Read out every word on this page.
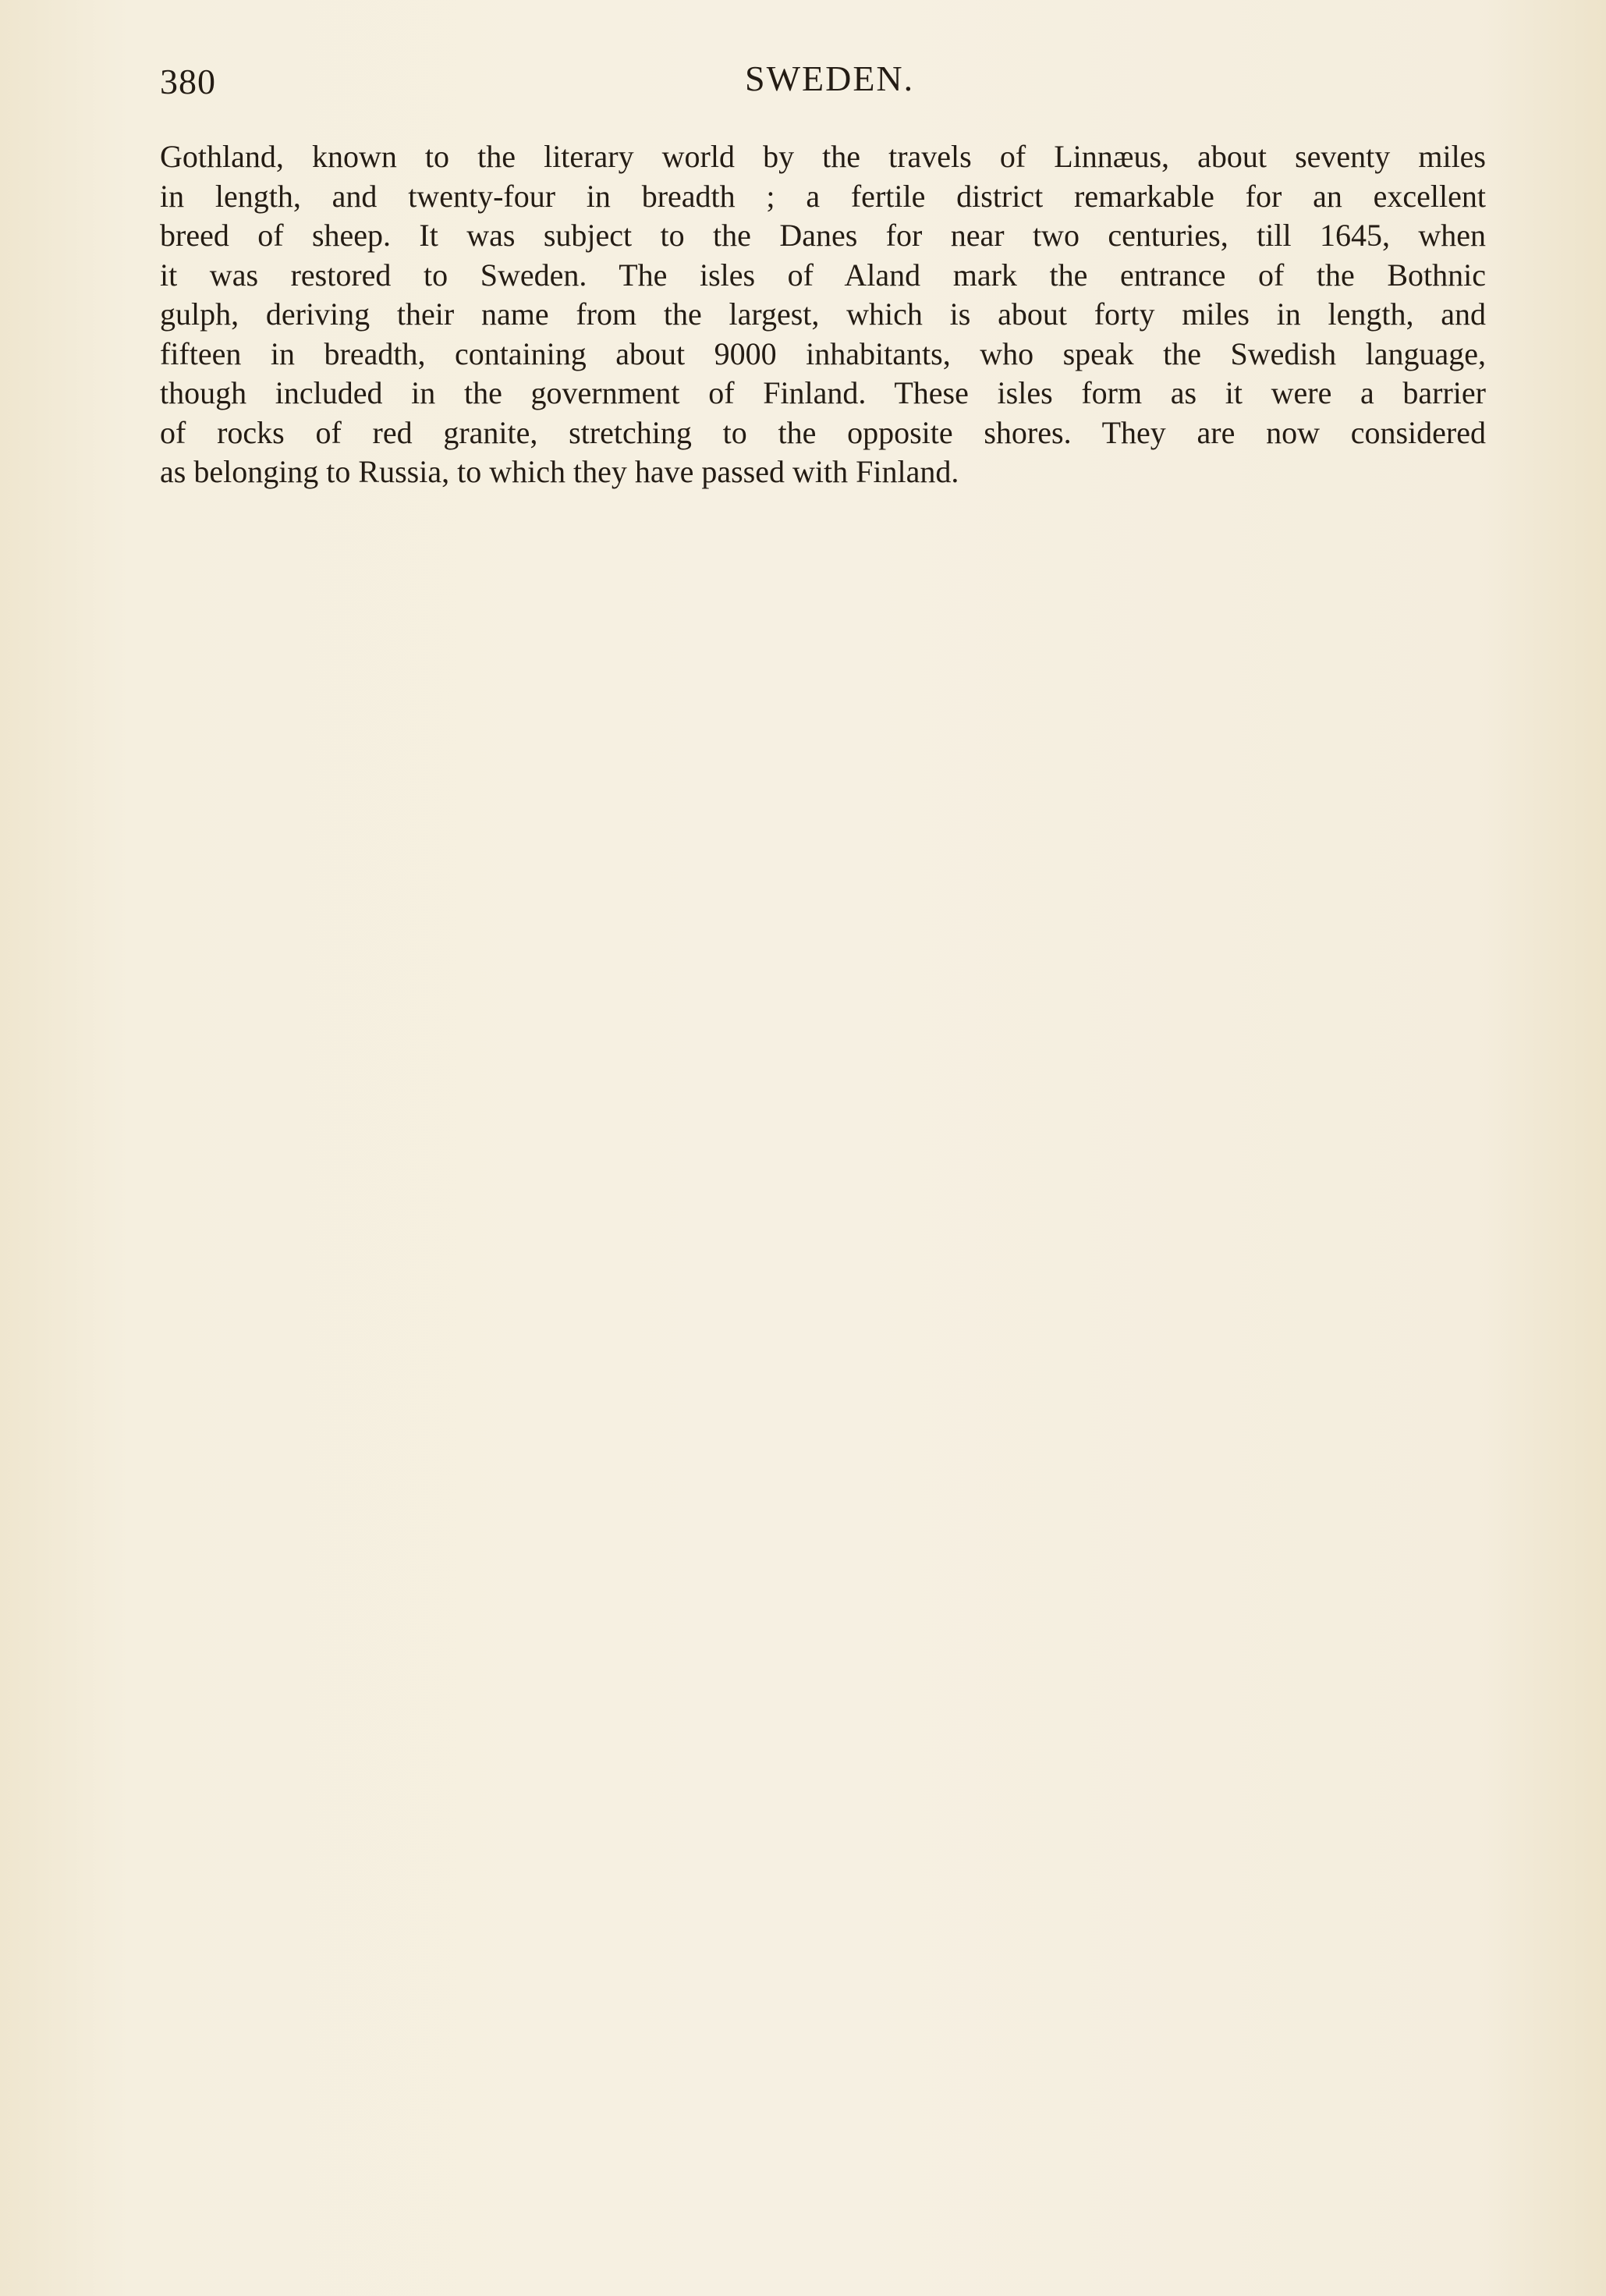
380	SWEDEN.
Gothland, known to the literary world by the travels of Linnæus, about seventy miles
in length, and twenty-four in breadth ; a fertile district remarkable for an excellent
breed of sheep. It was subject to the Danes for near two centuries, till 1645, when
it was restored to Sweden. The isles of Aland mark the entrance of the Bothnic
gulph, deriving their name from the largest, which is about forty miles in length, and
fifteen in breadth, containing about 9000 inhabitants, who speak the Swedish language,
though included in the government of Finland. These isles form as it were a barrier
of rocks of red granite, stretching to the opposite shores. They are now considered
as belonging to Russia, to which they have passed with Finland.
